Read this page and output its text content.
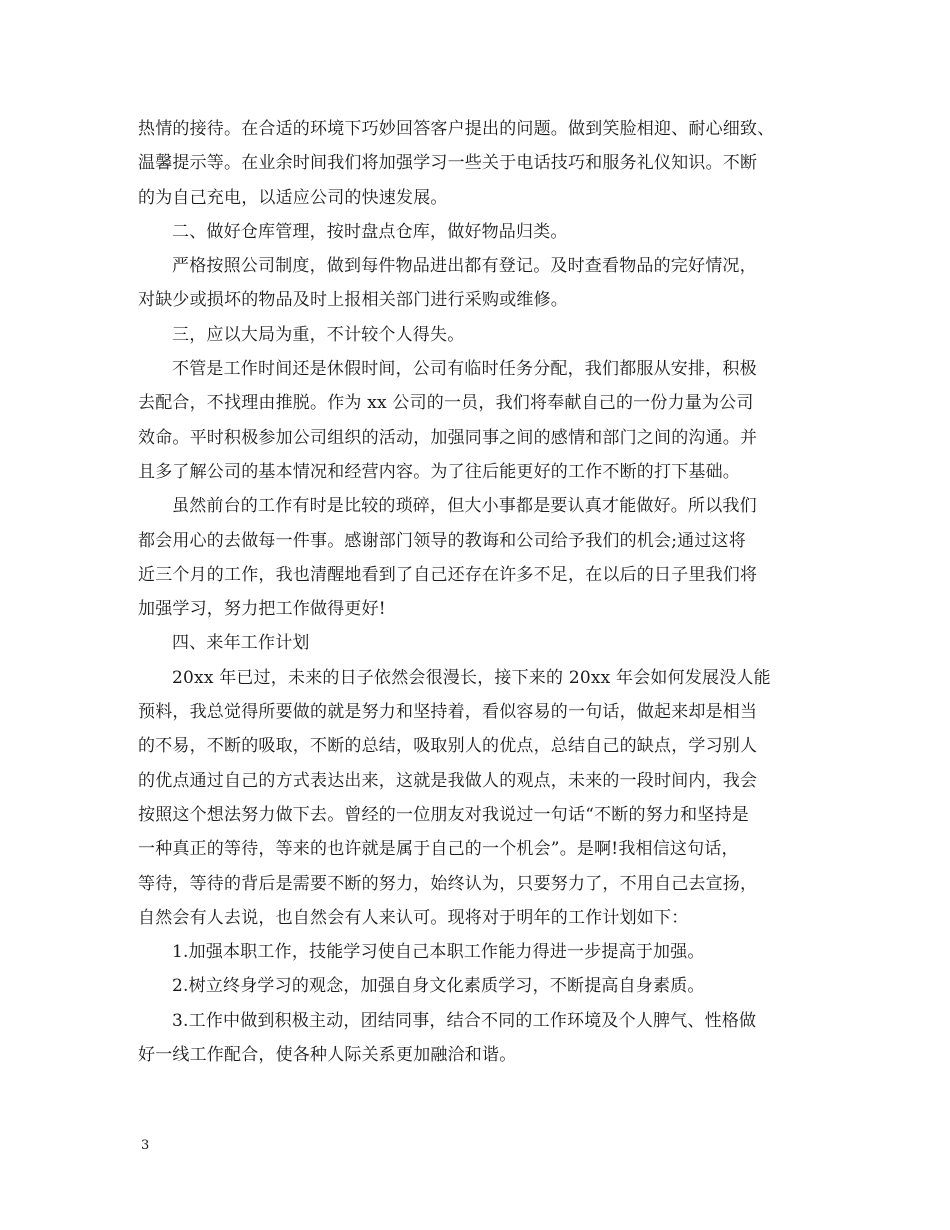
热情的接待。在合适的环境下巧妙回答客户提出的问题。做到笑脸相迎、耐心细致、
温馨提示等。在业余时间我们将加强学习一些关于电话技巧和服务礼仪知识。不断
的为自己充电，以适应公司的快速发展。
二、做好仓库管理，按时盘点仓库，做好物品归类。
严格按照公司制度，做到每件物品进出都有登记。及时查看物品的完好情况，
对缺少或损坏的物品及时上报相关部门进行采购或维修。
三，应以大局为重，不计较个人得失。
不管是工作时间还是休假时间，公司有临时任务分配，我们都服从安排，积极
去配合，不找理由推脱。作为 xx 公司的一员，我们将奉献自己的一份力量为公司
效命。平时积极参加公司组织的活动，加强同事之间的感情和部门之间的沟通。并
且多了解公司的基本情况和经营内容。为了往后能更好的工作不断的打下基础。
虽然前台的工作有时是比较的琐碎，但大小事都是要认真才能做好。所以我们
都会用心的去做每一件事。感谢部门领导的教诲和公司给予我们的机会;通过这将
近三个月的工作，我也清醒地看到了自己还存在许多不足，在以后的日子里我们将
加强学习，努力把工作做得更好!
四、来年工作计划
20xx 年已过，未来的日子依然会很漫长，接下来的 20xx 年会如何发展没人能
预料，我总觉得所要做的就是努力和坚持着，看似容易的一句话，做起来却是相当
的不易，不断的吸取，不断的总结，吸取别人的优点，总结自己的缺点，学习别人
的优点通过自己的方式表达出来，这就是我做人的观点，未来的一段时间内，我会
按照这个想法努力做下去。曾经的一位朋友对我说过一句话“不断的努力和坚持是
一种真正的等待，等来的也许就是属于自己的一个机会”。是啊!我相信这句话，
等待，等待的背后是需要不断的努力，始终认为，只要努力了，不用自己去宣扬，
自然会有人去说，也自然会有人来认可。现将对于明年的工作计划如下：
1.加强本职工作，技能学习使自己本职工作能力得进一步提高于加强。
2.树立终身学习的观念，加强自身文化素质学习，不断提高自身素质。
3.工作中做到积极主动，团结同事，结合不同的工作环境及个人脾气、性格做
好一线工作配合，使各种人际关系更加融洽和谐。
3
